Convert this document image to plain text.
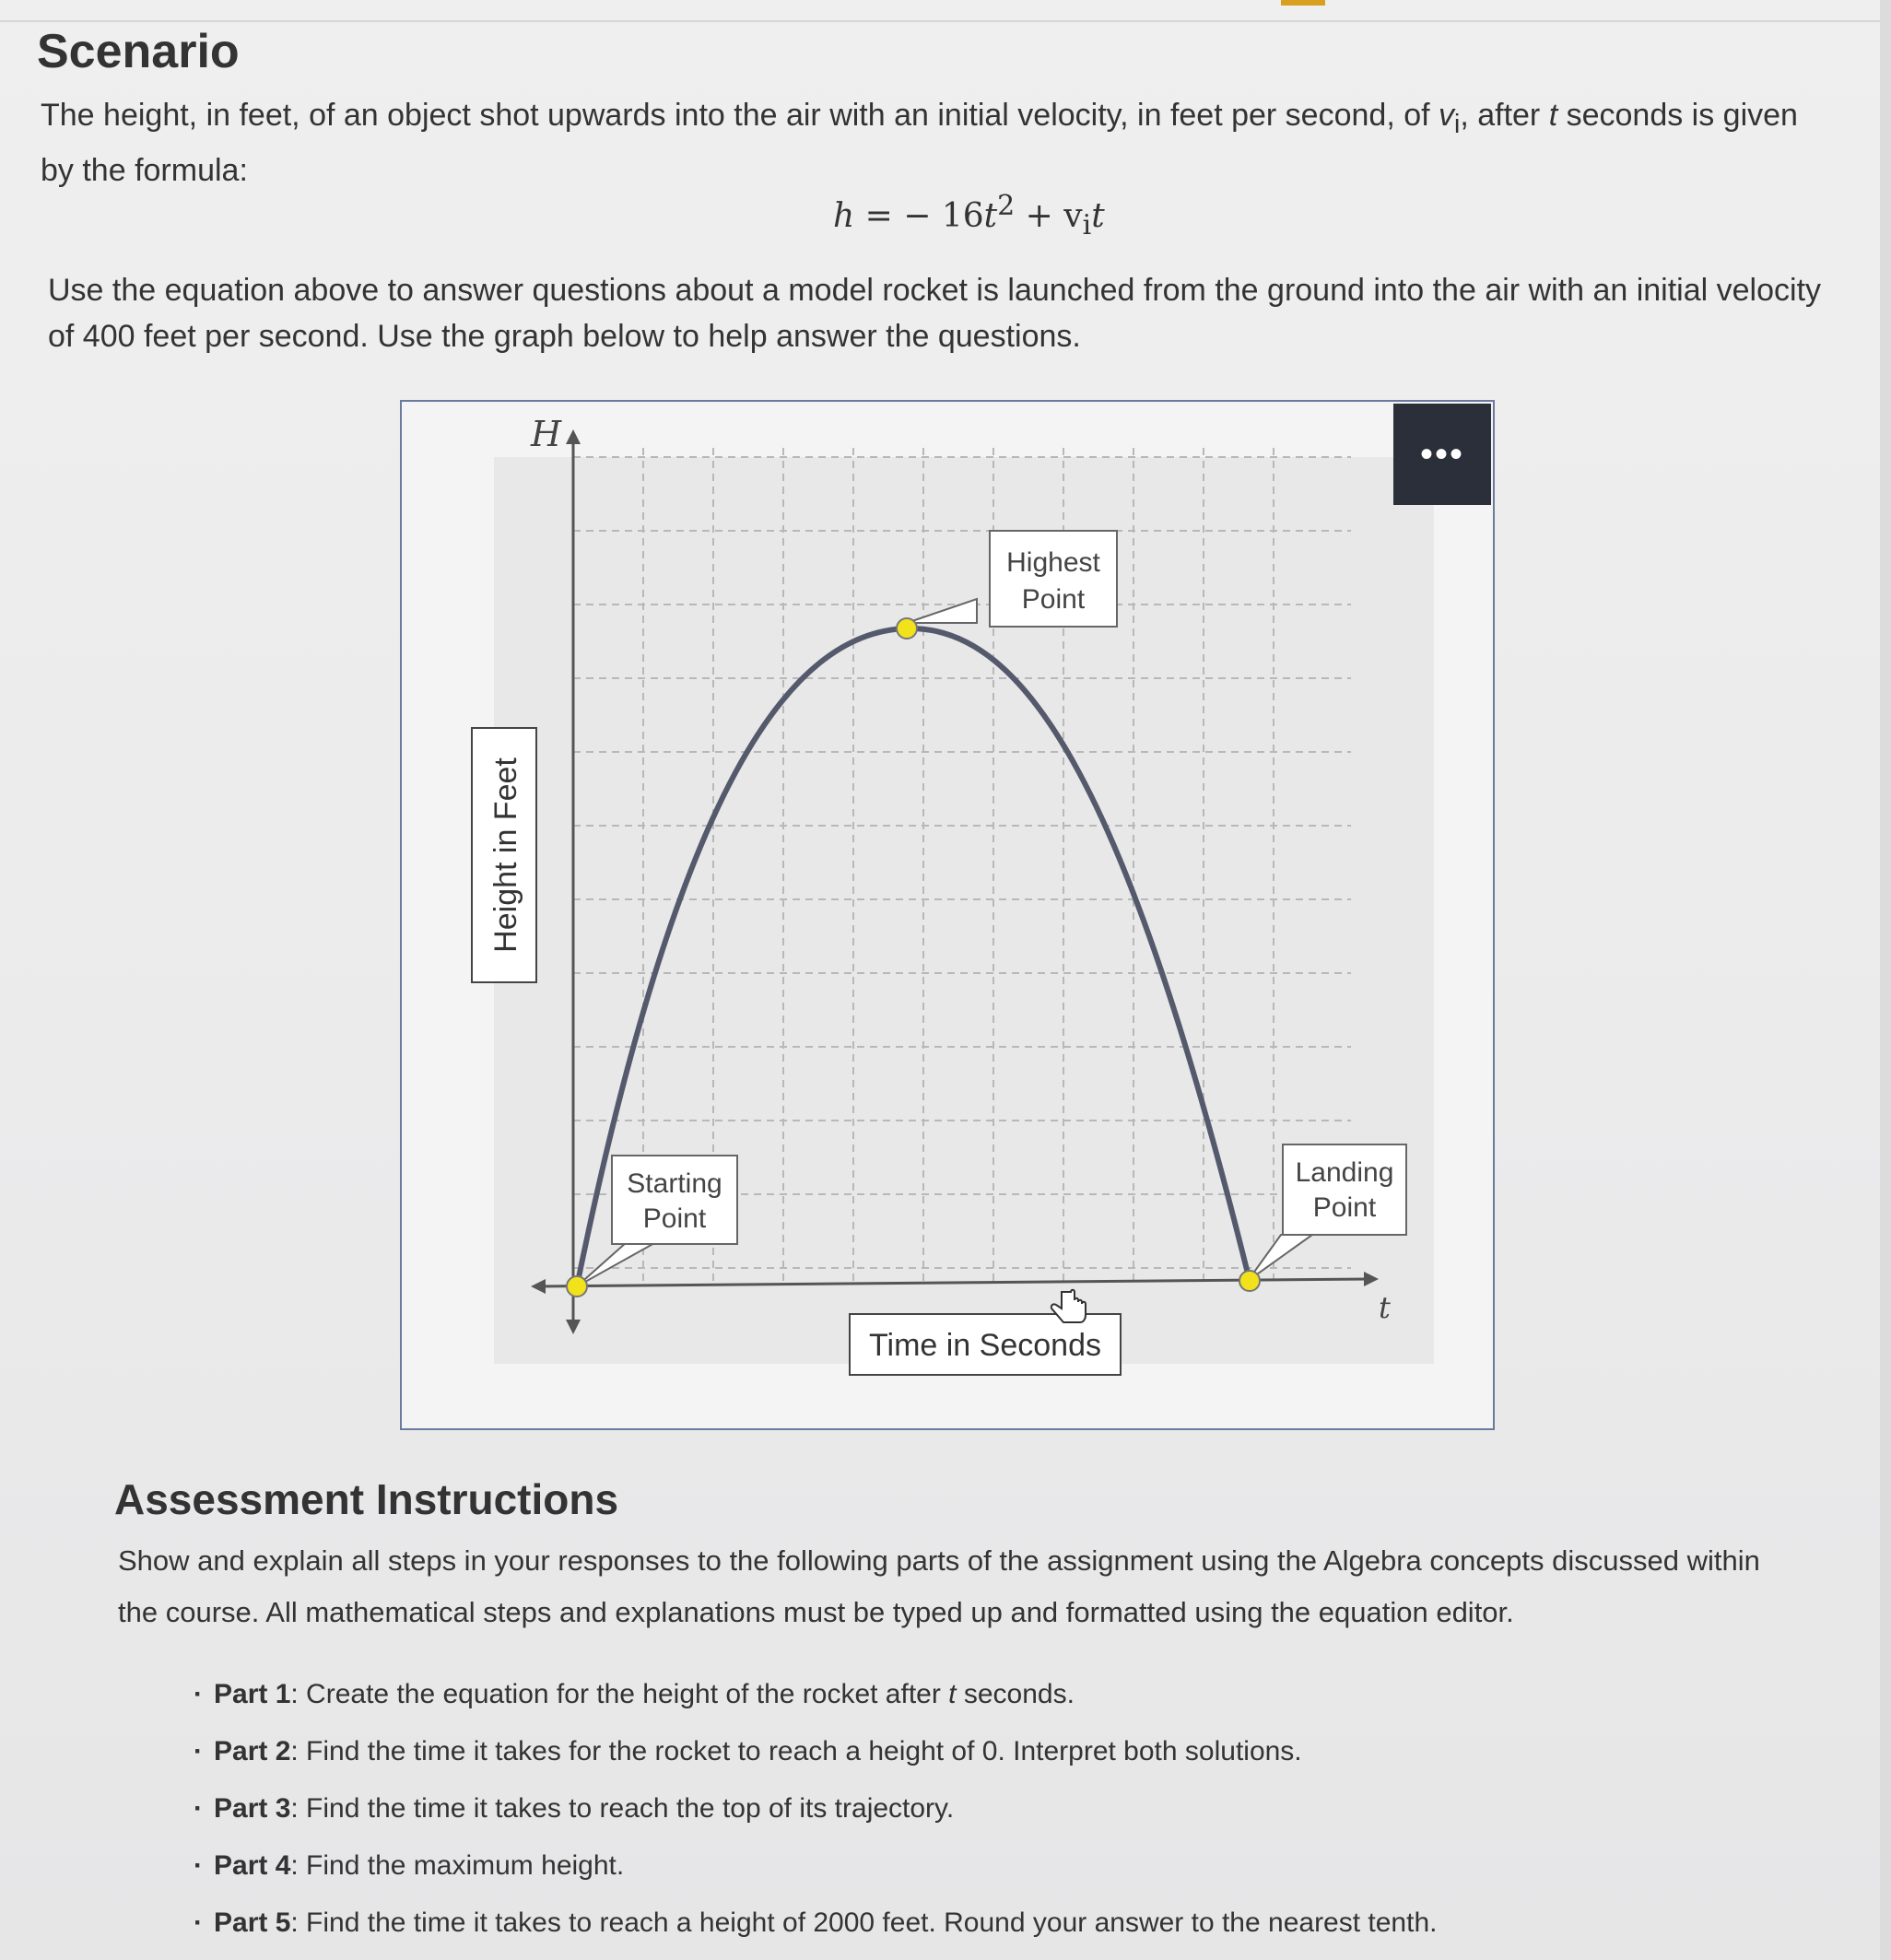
Scenario
The height, in feet, of an object shot upwards into the air with an initial velocity, in feet per second, of $v_i$, after t seconds is given by the formula:
h = − $16t^2 + v_it$
Use the equation above to answer questions about a model rocket is launched from the ground into the air with an initial velocity of 400 feet per second. Use the graph below to help answer the questions.
H
t
Highest
Point
Starting
Point
Landing
Point
Height in Feet
Time in Seconds
•••
Assessment Instructions
Show and explain all steps in your responses to the following parts of the assignment using the Algebra concepts discussed within the course. All mathematical steps and explanations must be typed up and formatted using the equation editor.
· Part 1: Create the equation for the height of the rocket after t seconds.
· Part 2: Find the time it takes for the rocket to reach a height of 0. Interpret both solutions.
· Part 3: Find the time it takes to reach the top of its trajectory.
· Part 4: Find the maximum height.
· Part 5: Find the time it takes to reach a height of 2000 feet. Round your answer to the nearest tenth.
